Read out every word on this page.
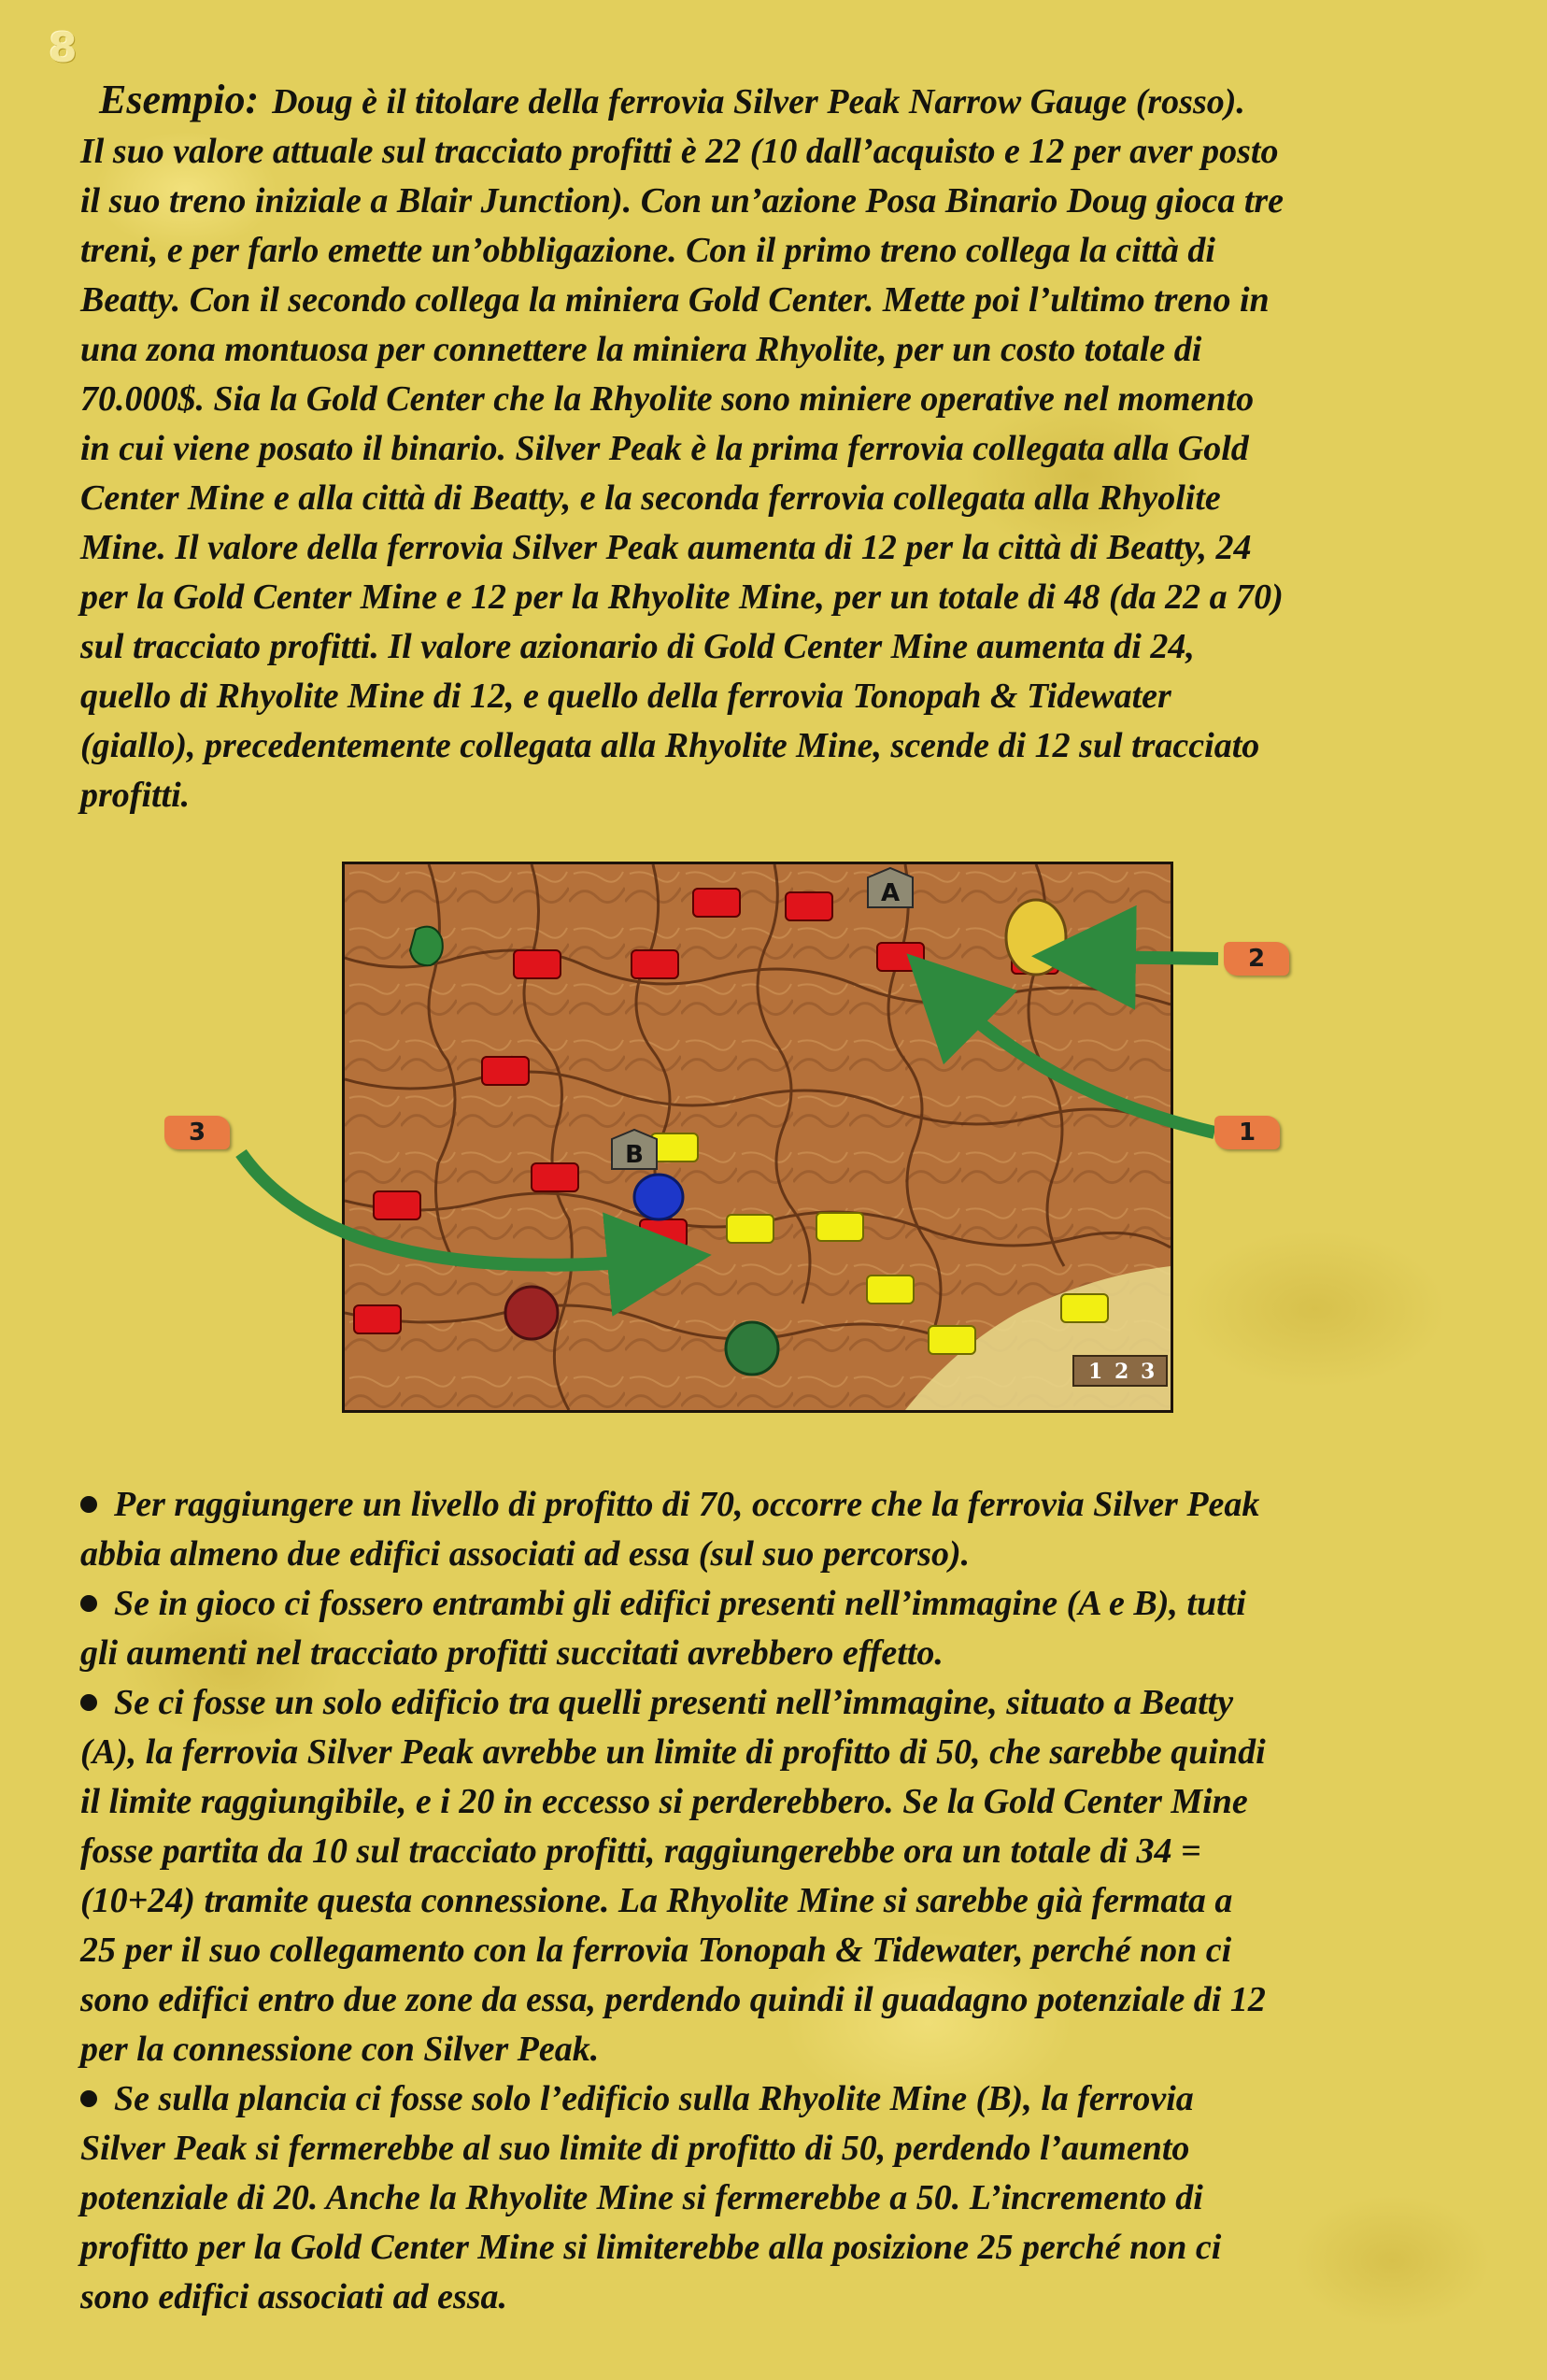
8
Esempio: Doug è il titolare della ferrovia Silver Peak Narrow Gauge (rosso).
Il suo valore attuale sul tracciato profitti è 22 (10 dall’acquisto e 12 per aver posto
il suo treno iniziale a Blair Junction). Con un’azione Posa Binario Doug gioca tre
treni, e per farlo emette un’obbligazione. Con il primo treno collega la città di
Beatty. Con il secondo collega la miniera Gold Center. Mette poi l’ultimo treno in
una zona montuosa per connettere la miniera Rhyolite, per un costo totale di
70.000$. Sia la Gold Center che la Rhyolite sono miniere operative nel momento
in cui viene posato il binario. Silver Peak è la prima ferrovia collegata alla Gold
Center Mine e alla città di Beatty, e la seconda ferrovia collegata alla Rhyolite
Mine. Il valore della ferrovia Silver Peak aumenta di 12 per la città di Beatty, 24
per la Gold Center Mine e 12 per la Rhyolite Mine, per un totale di 48 (da 22 a 70)
sul tracciato profitti. Il valore azionario di Gold Center Mine aumenta di 24,
quello di Rhyolite Mine di 12, e quello della ferrovia Tonopah & Tidewater
(giallo), precedentemente collegata alla Rhyolite Mine, scende di 12 sul tracciato
profitti.
A
B
1 2 3
1
2
3

Per raggiungere un livello di profitto di 70, occorre che la ferrovia Silver Peak

abbia almeno due edifici associati ad essa (sul suo percorso).

Se in gioco ci fossero entrambi gli edifici presenti nell’immagine (A e B), tutti

gli aumenti nel tracciato profitti succitati avrebbero effetto.

Se ci fosse un solo edificio tra quelli presenti nell’immagine, situato a Beatty

(A), la ferrovia Silver Peak avrebbe un limite di profitto di 50, che sarebbe quindi

il limite raggiungibile, e i 20 in eccesso si perderebbero. Se la Gold Center Mine

fosse partita da 10 sul tracciato profitti, raggiungerebbe ora un totale di 34 =

(10+24) tramite questa connessione. La Rhyolite Mine si sarebbe già fermata a

25 per il suo collegamento con la ferrovia Tonopah & Tidewater, perché non ci

sono edifici entro due zone da essa, perdendo quindi il guadagno potenziale di 12

per la connessione con Silver Peak.

Se sulla plancia ci fosse solo l’edificio sulla Rhyolite Mine (B), la ferrovia

Silver Peak si fermerebbe al suo limite di profitto di 50, perdendo l’aumento

potenziale di 20. Anche la Rhyolite Mine si fermerebbe a 50. L’incremento di

profitto per la Gold Center Mine si limiterebbe alla posizione 25 perché non ci

sono edifici associati ad essa.
